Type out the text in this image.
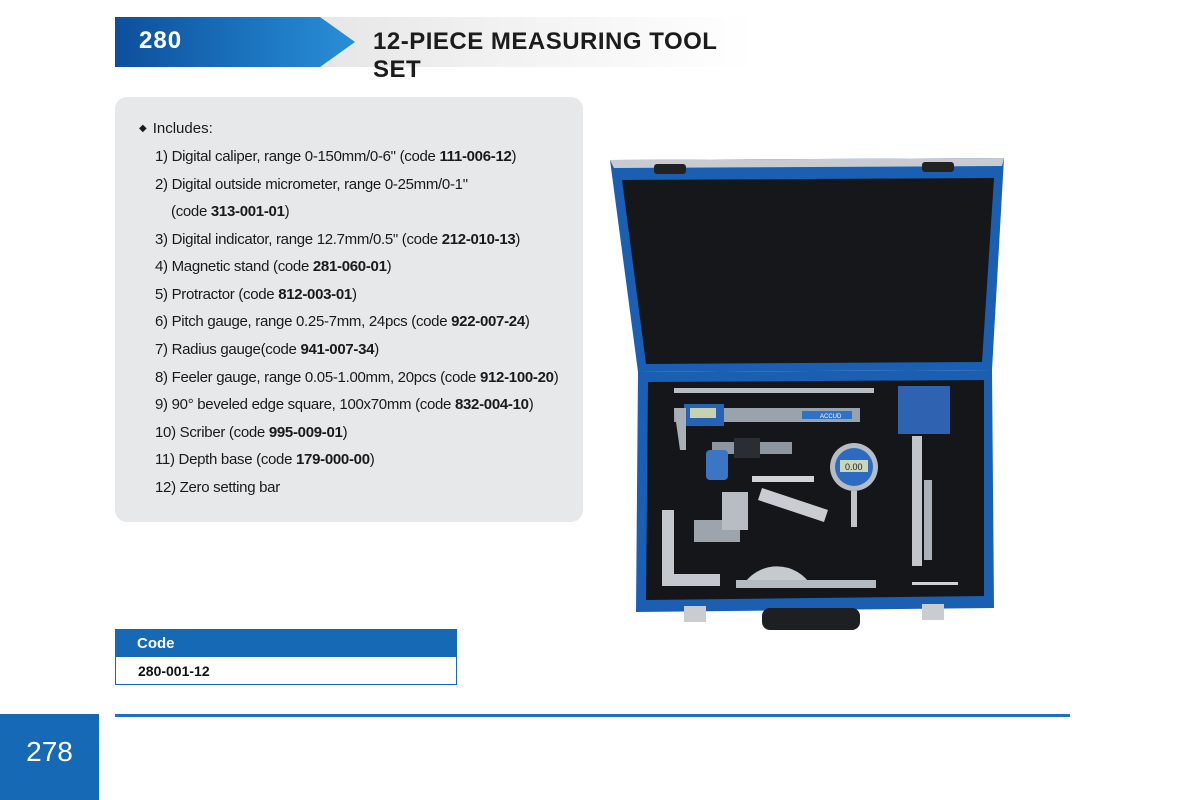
280	12-PIECE MEASURING TOOL SET
◆ Includes:
1) Digital caliper, range 0-150mm/0-6" (code 111-006-12)
2) Digital outside micrometer, range 0-25mm/0-1"
(code 313-001-01)
3) Digital indicator, range 12.7mm/0.5" (code 212-010-13)
4) Magnetic stand (code 281-060-01)
5) Protractor (code 812-003-01)
6) Pitch gauge, range 0.25-7mm, 24pcs (code 922-007-24)
7) Radius gauge(code 941-007-34)
8) Feeler gauge, range 0.05-1.00mm, 20pcs (code 912-100-20)
9) 90° beveled edge square, 100x70mm (code 832-004-10)
10) Scriber (code 995-009-01)
11) Depth base (code 179-000-00)
12) Zero setting bar
ACCUD
0.00
Code
280-001-12
278
